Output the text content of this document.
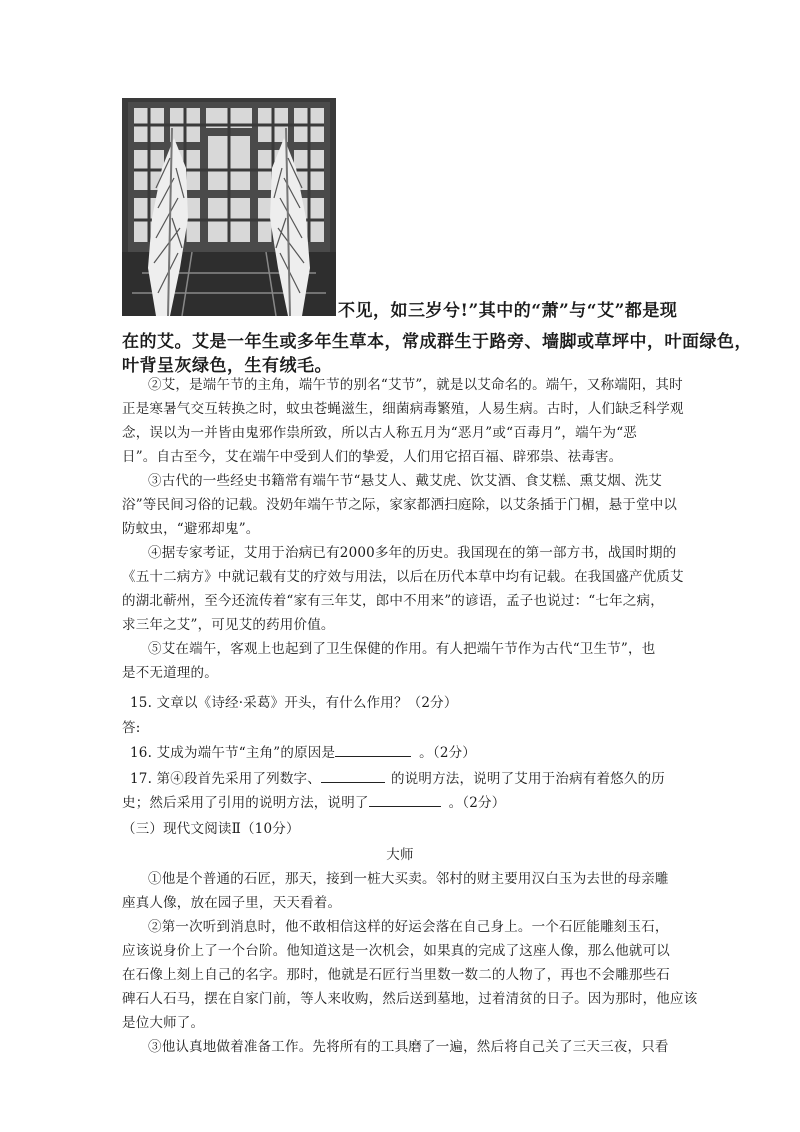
不见，如三岁兮!”其中的“萧”与“艾”都是现
在的艾。艾是一年生或多年生草本，常成群生于路旁、墙脚或草坪中，叶面绿色，
叶背呈灰绿色，生有绒毛。
②艾，是端午节的主角，端午节的别名“艾节”，就是以艾命名的。端午，又称端阳，其时
正是寒暑气交互转换之时，蚊虫苍蝇滋生，细菌病毒繁殖，人易生病。古时，人们缺乏科学观
念，误以为一并皆由鬼邪作祟所致，所以古人称五月为“恶月”或“百毒月”，端午为“恶
日”。自古至今，艾在端午中受到人们的挚爱，人们用它招百福、辟邪祟、祛毒害。
③古代的一些经史书籍常有端午节“悬艾人、戴艾虎、饮艾酒、食艾糕、熏艾烟、洗艾
浴”等民间习俗的记载。没奶年端午节之际，家家都洒扫庭除，以艾条插于门楣，悬于堂中以
防蚊虫，“避邪却鬼”。
④据专家考证，艾用于治病已有2000多年的历史。我国现在的第一部方书，战国时期的
《五十二病方》中就记载有艾的疗效与用法，以后在历代本草中均有记载。在我国盛产优质艾
的湖北蕲州，至今还流传着“家有三年艾，郎中不用来”的谚语，孟子也说过：“七年之病，
求三年之艾”，可见艾的药用价值。
⑤艾在端午，客观上也起到了卫生保健的作用。有人把端午节作为古代“卫生节”，也
是不无道理的。
15. 文章以《诗经·采葛》开头，有什么作用？（2分）
答:
16. 艾成为端午节“主角”的原因是	。（2分）
17. 第④段首先采用了列数字、	的说明方法，说明了艾用于治病有着悠久的历
史；然后采用了引用的说明方法，说明了	。（2分）
（三）现代文阅读Ⅱ（10分）
大师
①他是个普通的石匠，那天，接到一桩大买卖。邻村的财主要用汉白玉为去世的母亲雕
座真人像，放在园子里，天天看着。
②第一次听到消息时，他不敢相信这样的好运会落在自己身上。一个石匠能雕刻玉石，
应该说身价上了一个台阶。他知道这是一次机会，如果真的完成了这座人像，那么他就可以
在石像上刻上自己的名字。那时，他就是石匠行当里数一数二的人物了，再也不会雕那些石
碑石人石马，摆在自家门前，等人来收购，然后送到墓地，过着清贫的日子。因为那时，他应该
是位大师了。
③他认真地做着准备工作。先将所有的工具磨了一遍，然后将自己关了三天三夜，只看
